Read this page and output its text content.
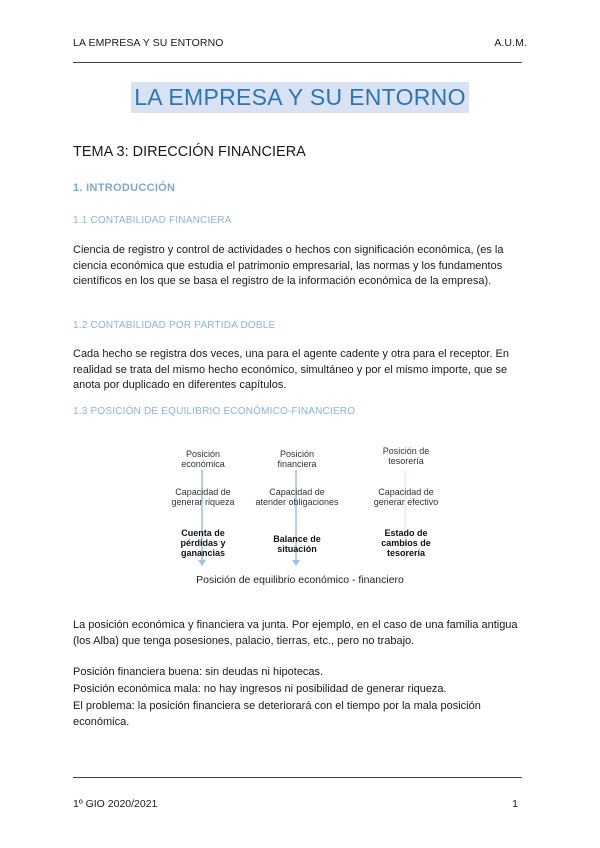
LA EMPRESA Y SU ENTORNO	A.U.M.
LA EMPRESA Y SU ENTORNO
TEMA 3: DIRECCIÓN FINANCIERA
1. INTRODUCCIÓN
1.1 CONTABILIDAD FINANCIERA
Ciencia de registro y control de actividades o hechos con significación económica, (es la ciencia económica que estudia el patrimonio empresarial, las normas y los fundamentos científicos en los que se basa el registro de la información económica de la empresa).
1.2 CONTABILIDAD POR PARTIDA DOBLE
Cada hecho se registra dos veces, una para el agente cadente y otra para el receptor. En realidad se trata del mismo hecho económico, simultáneo y por el mismo importe, que se anota por duplicado en diferentes capítulos.
1.3 POSICIÓN DE EQUILIBRIO ECONÓMICO-FINANCIERO
Posición económica
Capacidad de generar riqueza
Cuenta de pérdidas y ganancias
Posición financiera
Capacidad de atender obligaciones
Balance de situación
Posición de tesorería
Capacidad de generar efectivo
Estado de cambios de tesorería
Posición de equilibrio económico - financiero
La posición económica y financiera va junta. Por ejemplo, en el caso de una familia antigua (los Alba) que tenga posesiones, palacio, tierras, etc., pero no trabajo.
Posición financiera buena: sin deudas ni hipotecas.
Posición económica mala: no hay ingresos ni posibilidad de generar riqueza.
El problema: la posición financiera se deteriorará con el tiempo por la mala posición económica.
1º GIO 2020/2021	1
